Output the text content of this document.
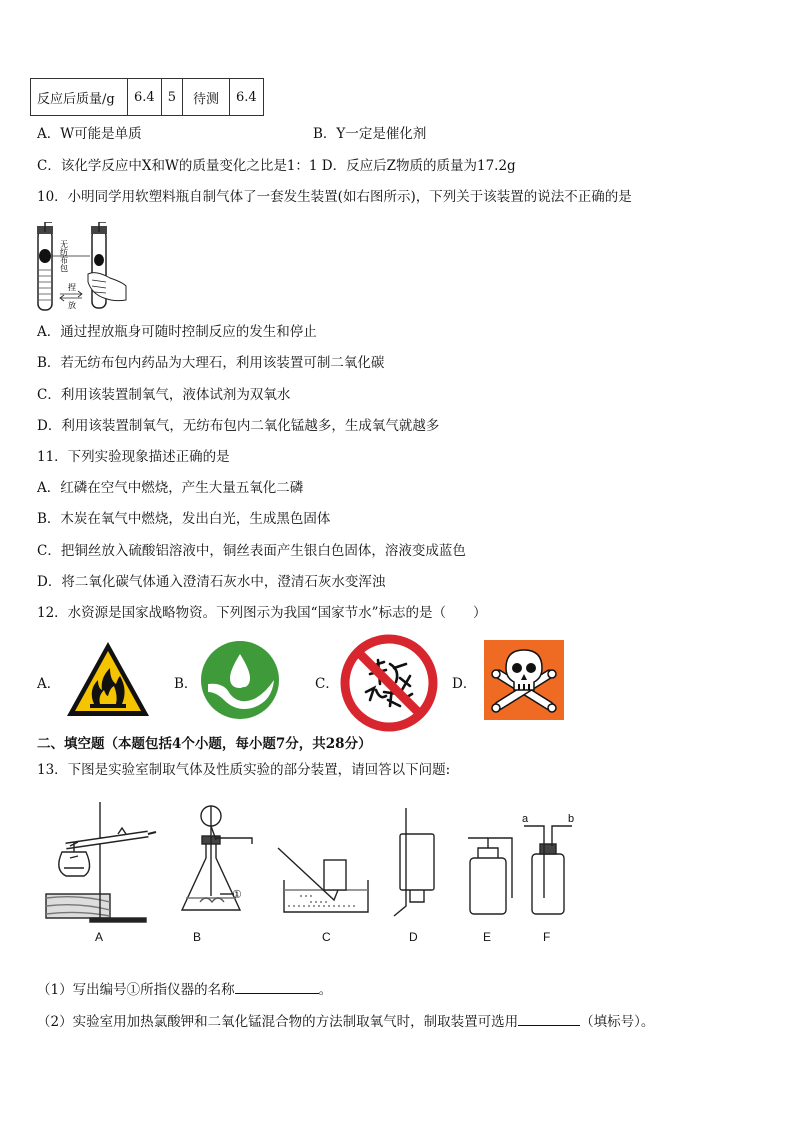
反应后质量/g	6.4	5	待测	6.4
A．W可能是单质	B．Y一定是催化剂
C．该化学反应中X和W的质量变化之比是1：1 D．反应后Z物质的质量为17.2g
10．小明同学用软塑料瓶自制气体了一套发生装置(如右图所示)，下列关于该装置的说法不正确的是
无纺布包
捏
放
A．通过捏放瓶身可随时控制反应的发生和停止
B．若无纺布包内药品为大理石，利用该装置可制二氧化碳
C．利用该装置制氧气，液体试剂为双氧水
D．利用该装置制氧气，无纺布包内二氧化锰越多，生成氧气就越多
11．下列实验现象描述正确的是
A．红磷在空气中燃烧，产生大量五氧化二磷
B．木炭在氧气中燃烧，发出白光，生成黑色固体
C．把铜丝放入硫酸铝溶液中，铜丝表面产生银白色固体，溶液变成蓝色
D．将二氧化碳气体通入澄清石灰水中，澄清石灰水变浑浊
12．水资源是国家战略物资。下列图示为我国“国家节水”标志的是（　　）
A．	B．	C．	D．
二、填空题（本题包括4个小题，每小题7分，共28分）
13．下图是实验室制取气体及性质实验的部分装置，请回答以下问题:
①
a	b
A	B	C	D	E	F
（1）写出编号①所指仪器的名称	。
（2）实验室用加热氯酸钾和二氧化锰混合物的方法制取氧气时，制取装置可选用	（填标号）。
